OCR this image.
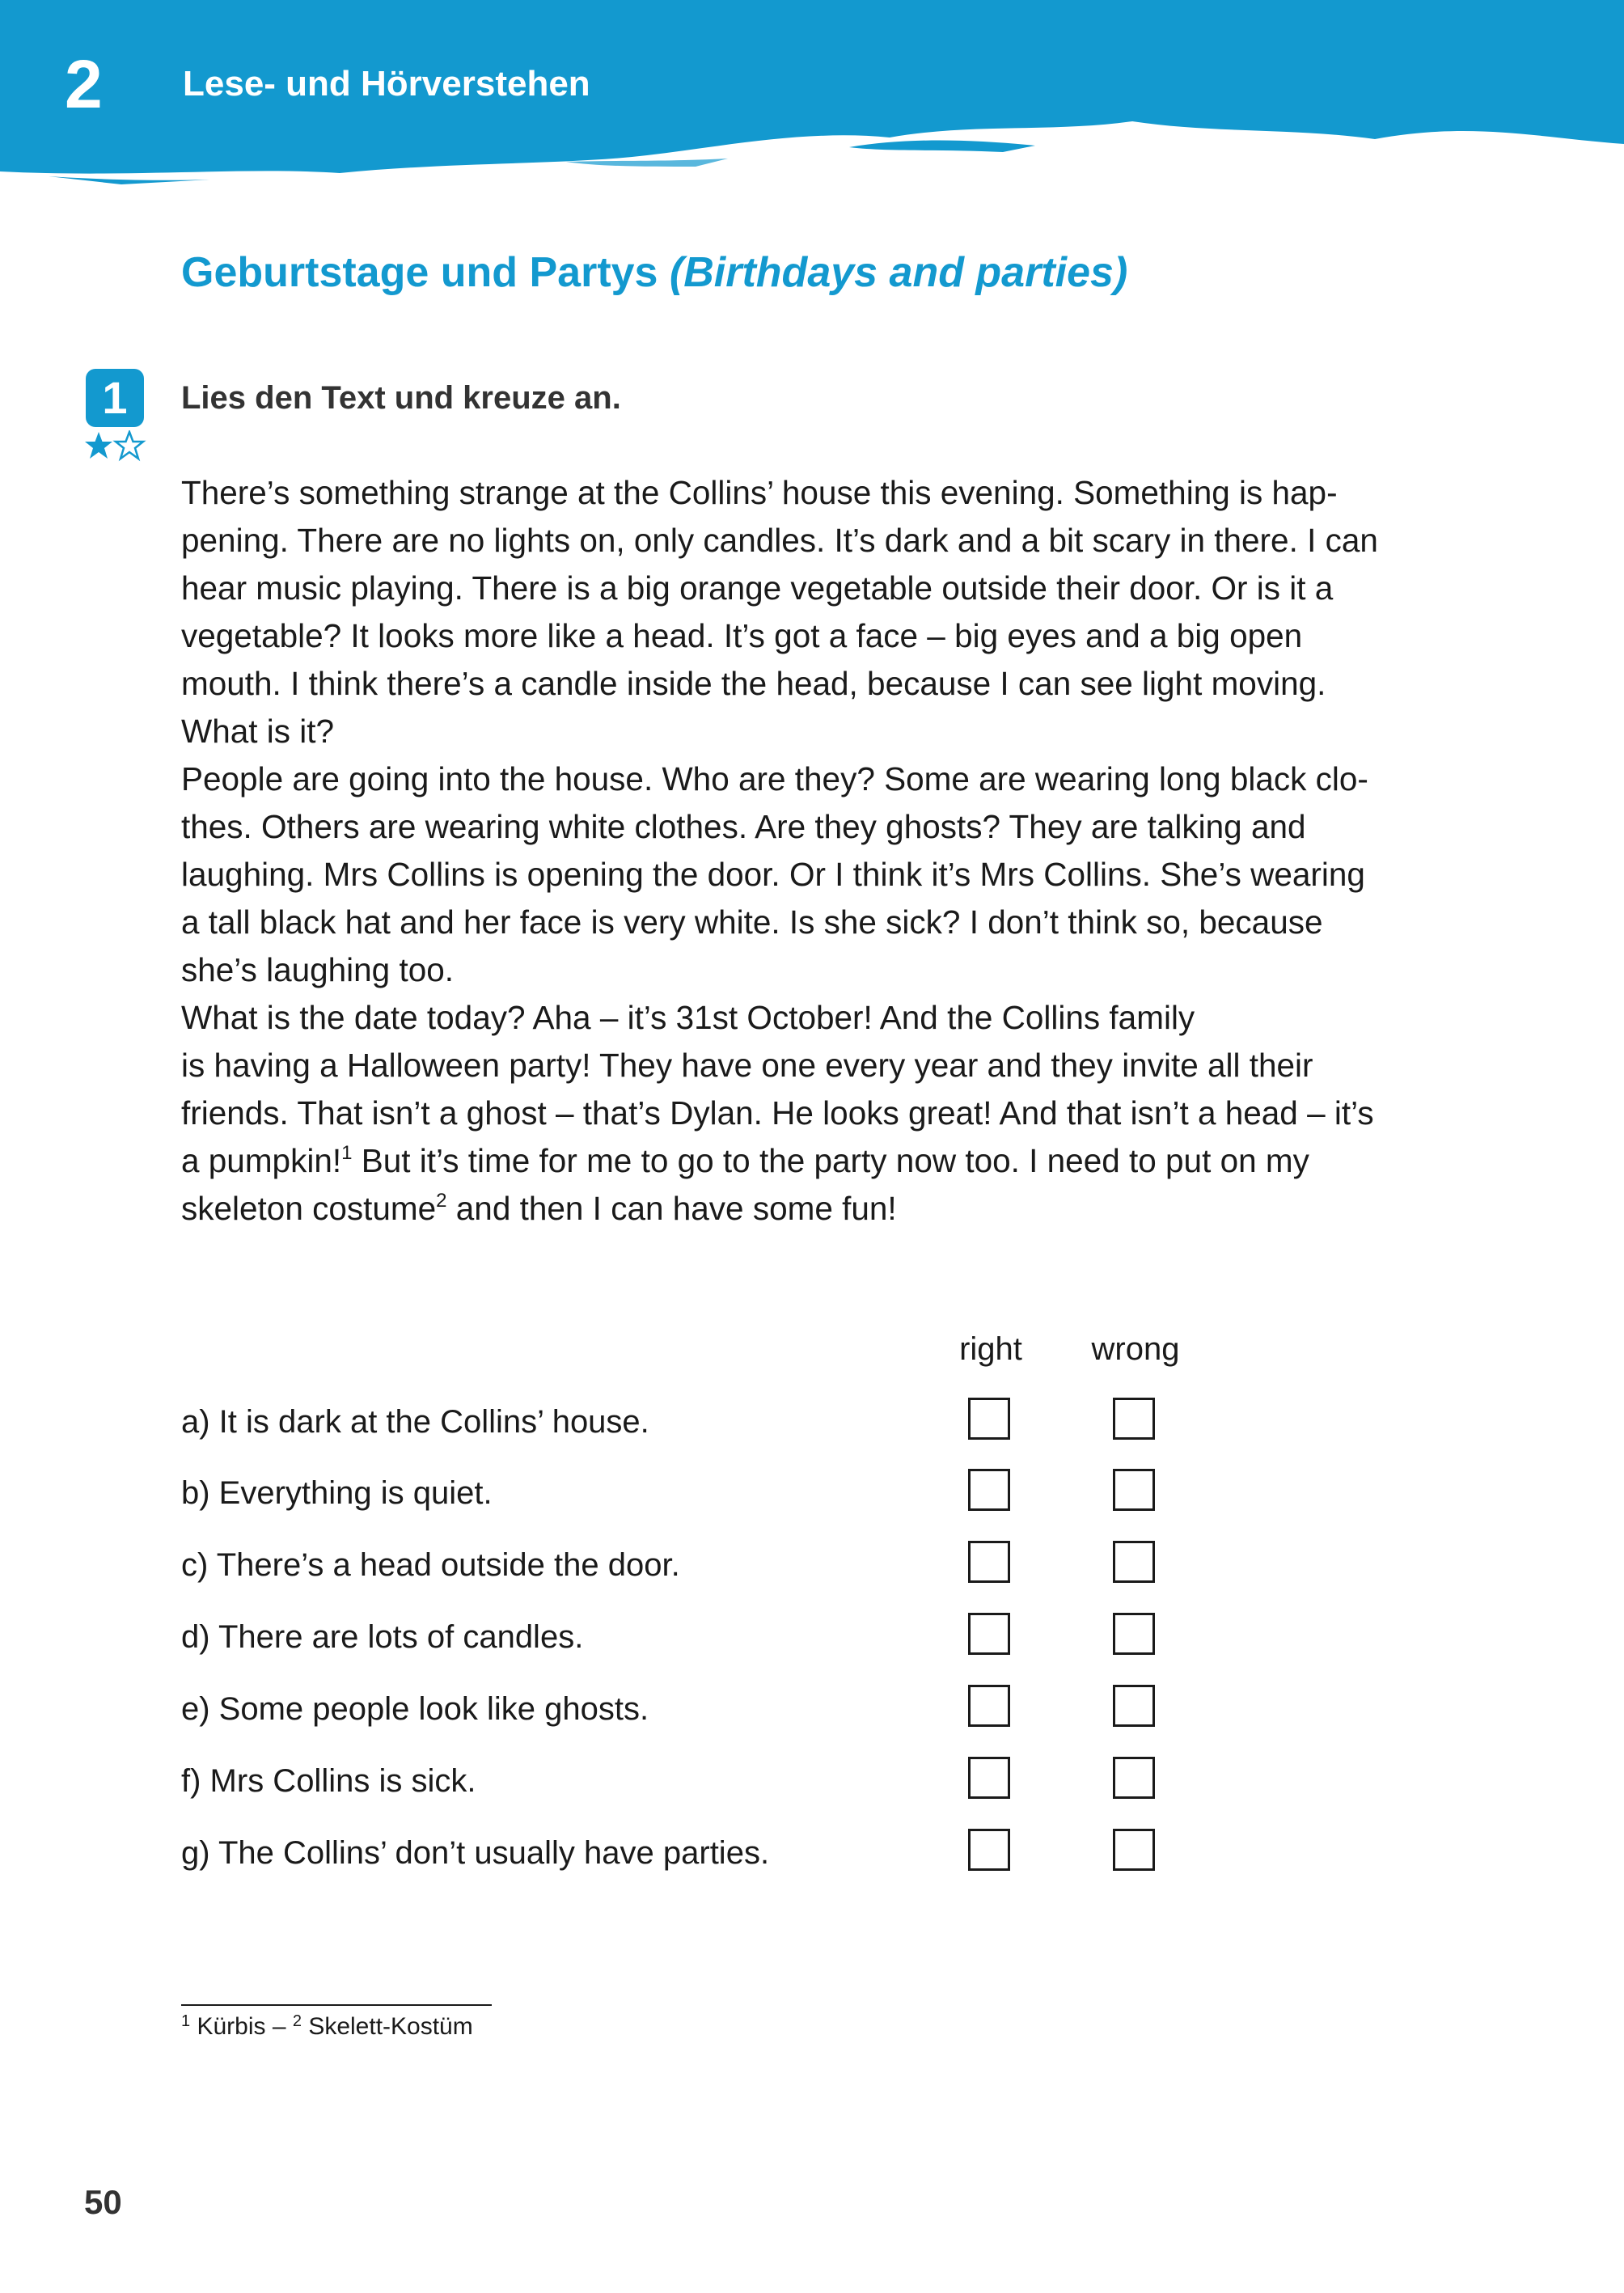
2 Lese- und Hörverstehen

Geburtstage und Partys (Birthdays and parties)
1	Lies den Text und kreuze an.

There’s something strange at the Collins’ house this evening. Something is hap-
pening. There are no lights on, only candles. It’s dark and a bit scary in there. I can
hear music playing. There is a big orange vegetable outside their door. Or is it a
vegetable? It looks more like a head. It’s got a face – big eyes and a big open
mouth. I think there’s a candle inside the head, because I can see light moving.
What is it?
People are going into the house. Who are they? Some are wearing long black clo-
thes. Others are wearing white clothes. Are they ghosts? They are talking and
laughing. Mrs Collins is opening the door. Or I think it’s Mrs Collins. She’s wearing
a tall black hat and her face is very white. Is she sick? I don’t think so, because
she’s laughing too.
What is the date today? Aha – it’s 31st October! And the Collins family
is having a Halloween party! They have one every year and they invite all their
friends. That isn’t a ghost – that’s Dylan. He looks great! And that isn’t a head – it’s
a pumpkin!$^1$ But it’s time for me to go to the party now too. I need to put on my
skeleton costume$^2$ and then I can have some fun!

right	wrong

a) It is dark at the Collins’ house.
b) Everything is quiet.
c) There’s a head outside the door.
d) There are lots of candles.
e) Some people look like ghosts.
f) Mrs Collins is sick.
g) The Collins’ don’t usually have parties.

$^1$ Kürbis – $^2$ Skelett-Kostüm

50
